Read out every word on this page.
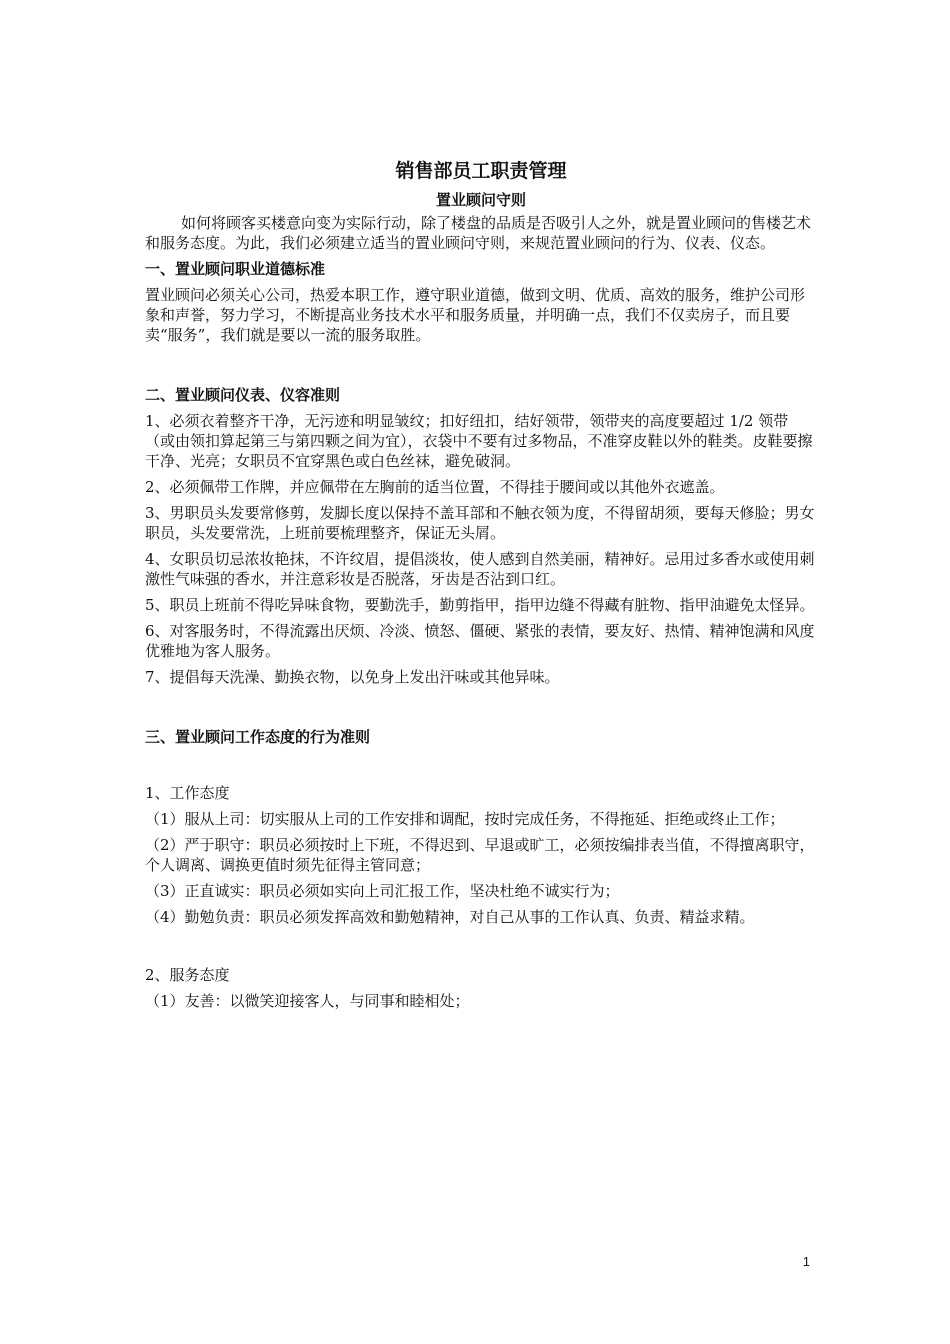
销售部员工职责管理
置业顾问守则

如何将顾客买楼意向变为实际行动，除了楼盘的品质是否吸引人之外，就是置业顾问的售楼艺术和服务态度。为此，我们必须建立适当的置业顾问守则，来规范置业顾问的行为、仪表、仪态。

一、置业顾问职业道德标准

置业顾问必须关心公司，热爱本职工作，遵守职业道德，做到文明、优质、高效的服务，维护公司形象和声誉，努力学习，不断提高业务技术水平和服务质量，并明确一点，我们不仅卖房子，而且要卖“服务”，我们就是要以一流的服务取胜。

二、置业顾问仪表、仪容准则

1、必须衣着整齐干净，无污迹和明显皱纹；扣好纽扣，结好领带，领带夹的高度要超过 1/2 领带（或由领扣算起第三与第四颗之间为宜），衣袋中不要有过多物品，不准穿皮鞋以外的鞋类。皮鞋要擦干净、光亮；女职员不宜穿黑色或白色丝袜，避免破洞。

2、必须佩带工作牌，并应佩带在左胸前的适当位置，不得挂于腰间或以其他外衣遮盖。

3、男职员头发要常修剪，发脚长度以保持不盖耳部和不触衣领为度，不得留胡须，要每天修脸；男女职员，头发要常洗，上班前要梳理整齐，保证无头屑。

4、女职员切忌浓妆艳抹，不许纹眉，提倡淡妆，使人感到自然美丽，精神好。忌用过多香水或使用刺激性气味强的香水，并注意彩妆是否脱落，牙齿是否沾到口红。

5、职员上班前不得吃异味食物，要勤洗手，勤剪指甲，指甲边缝不得藏有脏物、指甲油避免太怪异。

6、对客服务时，不得流露出厌烦、冷淡、愤怒、僵硬、紧张的表情，要友好、热情、精神饱满和风度优雅地为客人服务。

7、提倡每天洗澡、勤换衣物，以免身上发出汗味或其他异味。

三、置业顾问工作态度的行为准则

1、工作态度

（1）服从上司：切实服从上司的工作安排和调配，按时完成任务，不得拖延、拒绝或终止工作；

（2）严于职守：职员必须按时上下班，不得迟到、早退或旷工，必须按编排表当值，不得擅离职守，个人调离、调换更值时须先征得主管同意；

（3）正直诚实：职员必须如实向上司汇报工作，坚决杜绝不诚实行为；

（4）勤勉负责：职员必须发挥高效和勤勉精神，对自己从事的工作认真、负责、精益求精。

2、服务态度

（1）友善：以微笑迎接客人，与同事和睦相处；

1
